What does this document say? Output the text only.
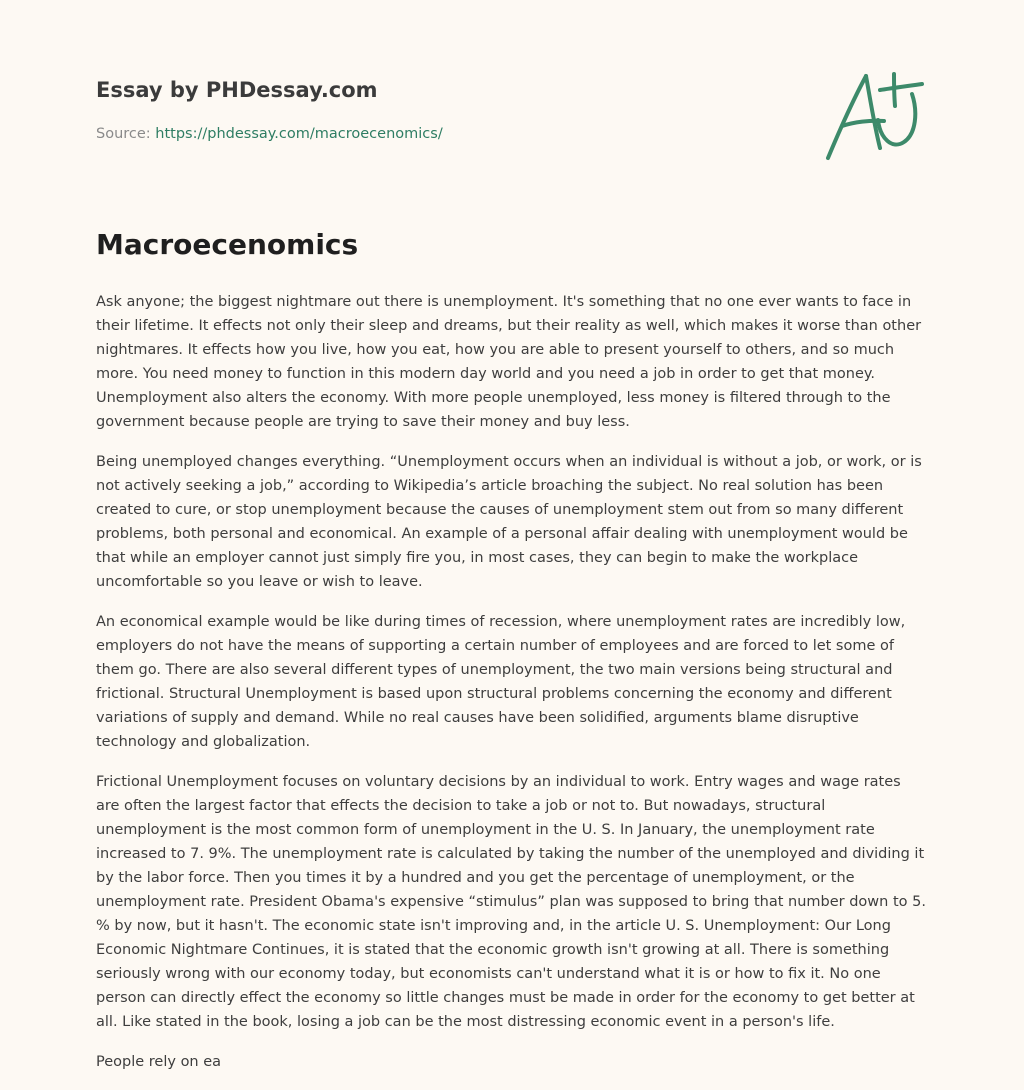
Essay by PHDessay.com
Source: https://phdessay.com/macroecenomics/
Macroecenomics

Ask anyone; the biggest nightmare out there is unemployment. It's something that no one ever wants to face in their lifetime. It effects not only their sleep and dreams, but their reality as well, which makes it worse than other nightmares. It effects how you live, how you eat, how you are able to present yourself to others, and so much more. You need money to function in this modern day world and you need a job in order to get that money. Unemployment also alters the economy. With more people unemployed, less money is filtered through to the government because people are trying to save their money and buy less.

Being unemployed changes everything. “Unemployment occurs when an individual is without a job, or work, or is not actively seeking a job,” according to Wikipedia’s article broaching the subject. No real solution has been created to cure, or stop unemployment because the causes of unemployment stem out from so many different problems, both personal and economical. An example of a personal affair dealing with unemployment would be that while an employer cannot just simply fire you, in most cases, they can begin to make the workplace uncomfortable so you leave or wish to leave.

An economical example would be like during times of recession, where unemployment rates are incredibly low, employers do not have the means of supporting a certain number of employees and are forced to let some of them go. There are also several different types of unemployment, the two main versions being structural and frictional. Structural Unemployment is based upon structural problems concerning the economy and different variations of supply and demand. While no real causes have been solidified, arguments blame disruptive technology and globalization.

Frictional Unemployment focuses on voluntary decisions by an individual to work. Entry wages and wage rates are often the largest factor that effects the decision to take a job or not to. But nowadays, structural unemployment is the most common form of unemployment in the U. S. In January, the unemployment rate increased to 7. 9%. The unemployment rate is calculated by taking the number of the unemployed and dividing it by the labor force. Then you times it by a hundred and you get the percentage of unemployment, or the unemployment rate. President Obama's expensive “stimulus” plan was supposed to bring that number down to 5. % by now, but it hasn't. The economic state isn't improving and, in the article U. S. Unemployment: Our Long Economic Nightmare Continues, it is stated that the economic growth isn't growing at all. There is something seriously wrong with our economy today, but economists can't understand what it is or how to fix it. No one person can directly effect the economy so little changes must be made in order for the economy to get better at all. Like stated in the book, losing a job can be the most distressing economic event in a person's life.

People rely on ea
